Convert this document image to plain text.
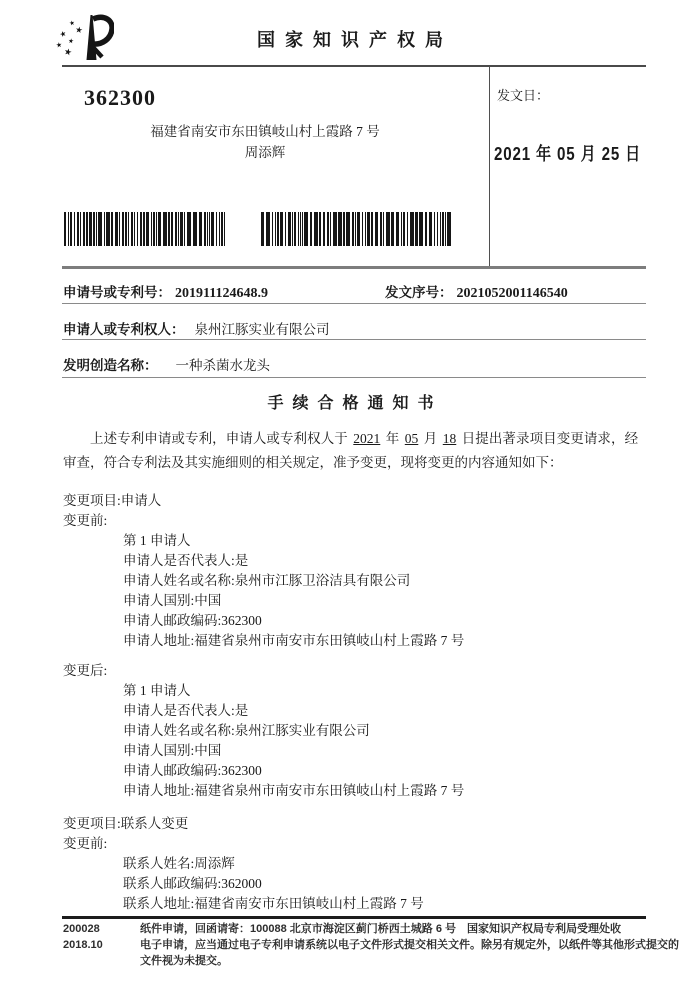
国家知识产权局
362300
福建省南安市东田镇岐山村上霞路 7 号
周添辉
发文日：
2021 年 05 月 25 日
申请号或专利号： 201911124648.9	发文序号： 2021052001146540
申请人或专利权人： 泉州江豚实业有限公司
发明创造名称： 一种杀菌水龙头
手续合格通知书
上述专利申请或专利，申请人或专利权人于 2021 年 05 月 18 日提出著录项目变更请求，经审查，符合专利法及其实施细则的相关规定，准予变更，现将变更的内容通知如下：
变更项目:申请人
变更前:
第 1 申请人
申请人是否代表人:是
申请人姓名或名称:泉州市江豚卫浴洁具有限公司
申请人国别:中国
申请人邮政编码:362300
申请人地址:福建省泉州市南安市东田镇岐山村上霞路 7 号
变更后:
第 1 申请人
申请人是否代表人:是
申请人姓名或名称:泉州江豚实业有限公司
申请人国别:中国
申请人邮政编码:362300
申请人地址:福建省泉州市南安市东田镇岐山村上霞路 7 号
变更项目:联系人变更
变更前:
联系人姓名:周添辉
联系人邮政编码:362000
联系人地址:福建省南安市东田镇岐山村上霞路 7 号
200028
2018.10
纸件申请，回函请寄：100088 北京市海淀区蓟门桥西土城路 6 号　国家知识产权局专利局受理处收
电子申请，应当通过电子专利申请系统以电子文件形式提交相关文件。除另有规定外，以纸件等其他形式提交的
文件视为未提交。
